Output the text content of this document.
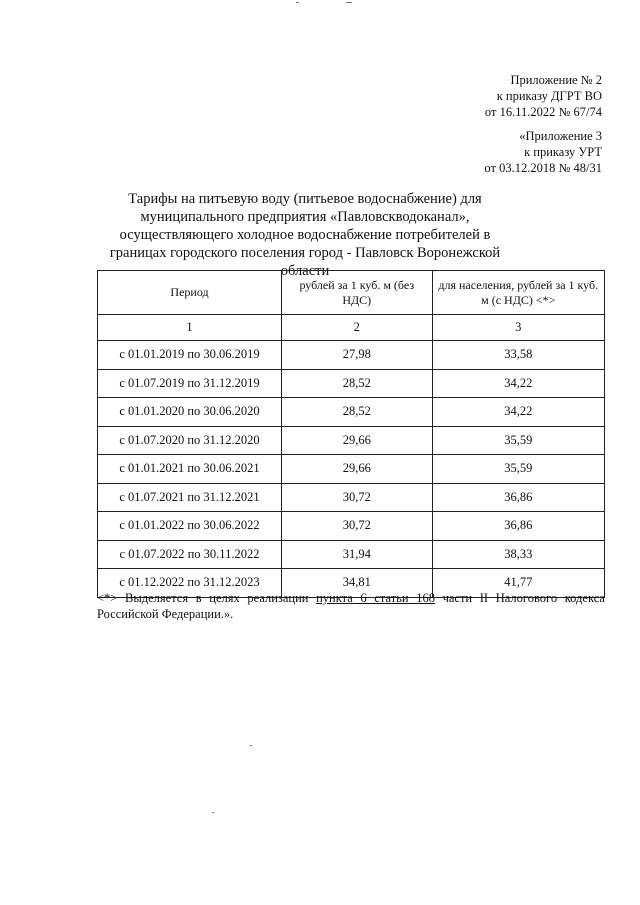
Приложение № 2
к приказу ДГРТ ВО
от 16.11.2022 № 67/74
«Приложение 3
к приказу УРТ
от 03.12.2018 № 48/31
Тарифы на питьевую воду (питьевое водоснабжение) для муниципального предприятия «Павловскводоканал», осуществляющего холодное водоснабжение потребителей в границах городского поселения город - Павловск Воронежской области
Период	рублей за 1 куб. м (без НДС)	для населения, рублей за 1 куб. м (с НДС) <*>
1	2	3
с 01.01.2019 по 30.06.2019	27,98	33,58
с 01.07.2019 по 31.12.2019	28,52	34,22
с 01.01.2020 по 30.06.2020	28,52	34,22
с 01.07.2020 по 31.12.2020	29,66	35,59
с 01.01.2021 по 30.06.2021	29,66	35,59
с 01.07.2021 по 31.12.2021	30,72	36,86
с 01.01.2022 по 30.06.2022	30,72	36,86
с 01.07.2022 по 30.11.2022	31,94	38,33
с 01.12.2022 по 31.12.2023	34,81	41,77
<*> Выделяется в целях реализации пункта 6 статьи 168 части II Налогового кодекса Российской Федерации.».
